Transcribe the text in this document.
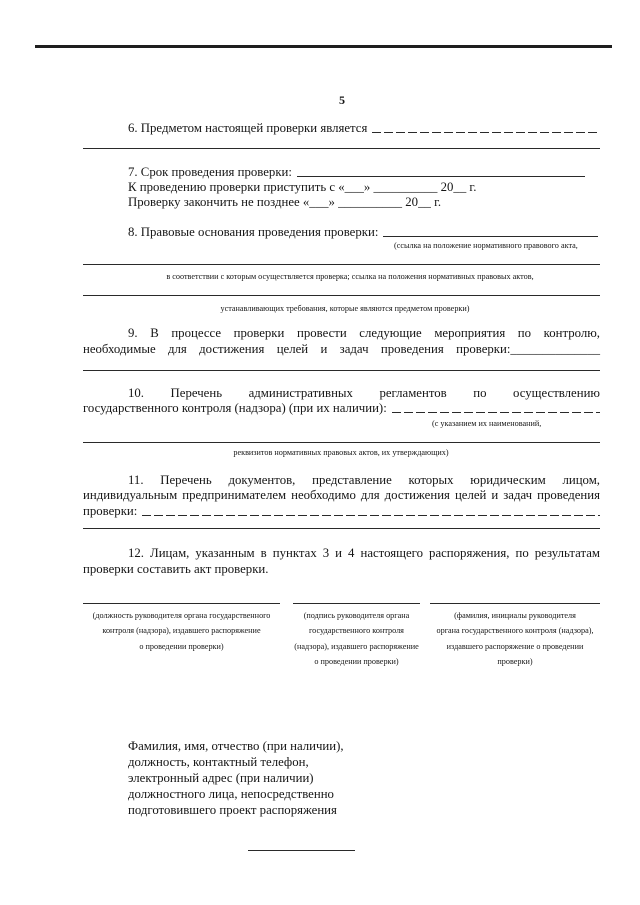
5
6. Предметом настоящей проверки является
7. Срок проведения проверки:
К проведению проверки приступить с «___» __________ 20__ г.
Проверку закончить не позднее «___» __________ 20__ г.
8. Правовые основания проведения проверки:
(ссылка на положение нормативного правового акта,
в соответствии с которым осуществляется проверка; ссылка на положения нормативных правовых актов,
устанавливающих требования, которые являются предметом проверки)
9. В процессе проверки провести следующие мероприятия по контролю,
необходимые для достижения целей и задач проведения проверки:______________
10. Перечень административных регламентов по осуществлению
государственного контроля (надзора) (при их наличии):
(с указанием их наименований,
реквизитов нормативных правовых актов, их утверждающих)
11. Перечень документов, представление которых юридическим лицом,
индивидуальным предпринимателем необходимо для достижения целей и задач проведения
проверки:
12. Лицам, указанным в пунктах 3 и 4 настоящего распоряжения, по результатам
проверки составить акт проверки.
(должность руководителя органа государственного
контроля (надзора), издавшего распоряжение
о проведении проверки)
(подпись руководителя органа
государственного контроля
(надзора), издавшего распоряжение
о проведении проверки)
(фамилия, инициалы руководителя
органа государственного контроля (надзора),
издавшего распоряжение о проведении
проверки)
Фамилия, имя, отчество (при наличии),
должность, контактный телефон,
электронный адрес (при наличии)
должностного лица, непосредственно
подготовившего проект распоряжения
